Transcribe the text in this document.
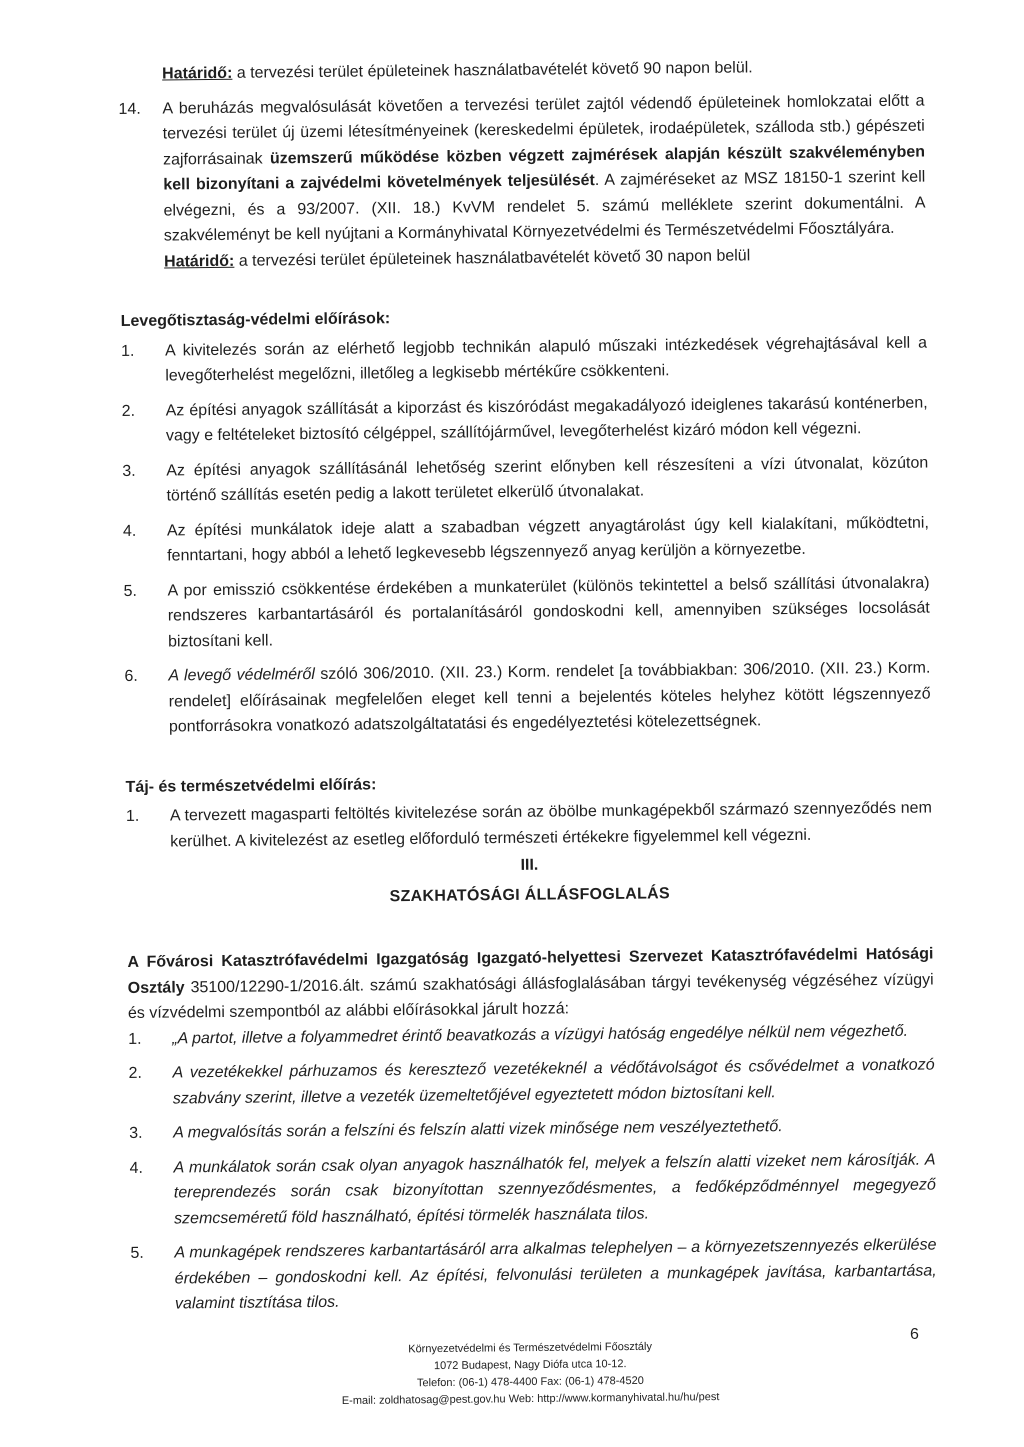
Határidő: a tervezési terület épületeinek használatbavételét követő 90 napon belül.
14. A beruházás megvalósulását követően a tervezési terület zajtól védendő épületeinek homlokzatai előtt a tervezési terület új üzemi létesítményeinek (kereskedelmi épületek, irodaépületek, szálloda stb.) gépészeti zajforrásainak üzemszerű működése közben végzett zajmérések alapján készült szakvéleményben kell bizonyítani a zajvédelmi követelmények teljesülését. A zajméréseket az MSZ 18150-1 szerint kell elvégezni, és a 93/2007. (XII. 18.) KvVM rendelet 5. számú melléklete szerint dokumentálni. A szakvéleményt be kell nyújtani a Kormányhivatal Környezetvédelmi és Természetvédelmi Főosztályára.
Határidő: a tervezési terület épületeinek használatbavételét követő 30 napon belül
Levegőtisztaság-védelmi előírások:
1. A kivitelezés során az elérhető legjobb technikán alapuló műszaki intézkedések végrehajtásával kell a levegőterhelést megelőzni, illetőleg a legkisebb mértékűre csökkenteni.
2. Az építési anyagok szállítását a kiporzást és kiszóródást megakadályozó ideiglenes takarású konténerben, vagy e feltételeket biztosító célgéppel, szállítójárművel, levegőterhelést kizáró módon kell végezni.
3. Az építési anyagok szállításánál lehetőség szerint előnyben kell részesíteni a vízi útvonalat, közúton történő szállítás esetén pedig a lakott területet elkerülő útvonalakat.
4. Az építési munkálatok ideje alatt a szabadban végzett anyagtárolást úgy kell kialakítani, működtetni, fenntartani, hogy abból a lehető legkevesebb légszennyező anyag kerüljön a környezetbe.
5. A por emisszió csökkentése érdekében a munkaterület (különös tekintettel a belső szállítási útvonalakra) rendszeres karbantartásáról és portalanításáról gondoskodni kell, amennyiben szükséges locsolását biztosítani kell.
6. A levegő védelméről szóló 306/2010. (XII. 23.) Korm. rendelet [a továbbiakban: 306/2010. (XII. 23.) Korm. rendelet] előírásainak megfelelően eleget kell tenni a bejelentés köteles helyhez kötött légszennyező pontforrásokra vonatkozó adatszolgáltatatási és engedélyeztetési kötelezettségnek.
Táj- és természetvédelmi előírás:
1. A tervezett magasparti feltöltés kivitelezése során az öbölbe munkagépekből származó szennyeződés nem kerülhet. A kivitelezést az esetleg előforduló természeti értékekre figyelemmel kell végezni.
III.
SZAKHATÓSÁGI ÁLLÁSFOGLALÁS
A Fővárosi Katasztrófavédelmi Igazgatóság Igazgató-helyettesi Szervezet Katasztrófavédelmi Hatósági Osztály 35100/12290-1/2016.ált. számú szakhatósági állásfoglalásában tárgyi tevékenység végzéséhez vízügyi és vízvédelmi szempontból az alábbi előírásokkal járult hozzá:
1. „A partot, illetve a folyammedret érintő beavatkozás a vízügyi hatóság engedélye nélkül nem végezhető.
2. A vezetékekkel párhuzamos és keresztező vezetékeknél a védőtávolságot és csővédelmet a vonatkozó szabvány szerint, illetve a vezeték üzemeltetőjével egyeztetett módon biztosítani kell.
3. A megvalósítás során a felszíni és felszín alatti vizek minősége nem veszélyeztethető.
4. A munkálatok során csak olyan anyagok használhatók fel, melyek a felszín alatti vizeket nem károsítják. A tereprendezés során csak bizonyítottan szennyeződésmentes, a fedőképződménnyel megegyező szemcseméretű föld használható, építési törmelék használata tilos.
5. A munkagépek rendszeres karbantartásáról arra alkalmas telephelyen – a környezetszennyezés elkerülése érdekében – gondoskodni kell. Az építési, felvonulási területen a munkagépek javítása, karbantartása, valamint tisztítása tilos.
6
Környezetvédelmi és Természetvédelmi Főosztály
1072 Budapest, Nagy Diófa utca 10-12.
Telefon: (06-1) 478-4400 Fax: (06-1) 478-4520
E-mail: zoldhatosag@pest.gov.hu Web: http://www.kormanyhivatal.hu/hu/pest
